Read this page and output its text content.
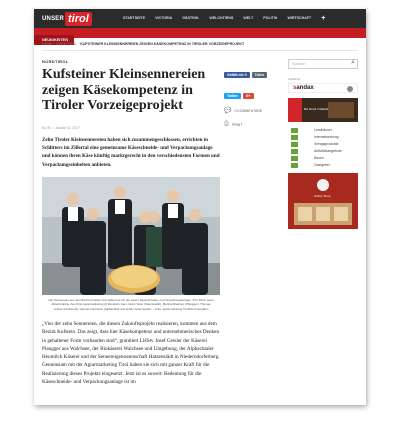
UNSER tirol	STARTSEITE	VICTORIA	GÄSTEHL	WELCHTIRNS	WELT	POLITIK	WIRTSCHAFT	+
NEUIGKEITEN	»Olympia- Teilnehmer	Protestbrief: Italienische Kindergartenkinder besetzten	Tirolerin
HOME › NORDTIROL › KUFSTEINER KLEINSENNEREIEN ZEIGEN KÄSEKOMPETENZ IN TIROLER VORZEIGEPROJEKT
NORDTIROL
Kufsteiner Kleinsennereien zeigen Käsekompetenz in Tiroler Vorzeigeprojekt
By IN  •  Januar 12, 2017

Zehn Tiroler Kleinsennereien haben sich zusammengeschlossen, errichten in Schlitters im Zillertal eine gemeinsame Käseschneide- und Verpackungsanlage und können ihren Käse künftig marktgerecht in den verschiedensten Formen und Verpackungseinheiten anbieten.

Vier Sennereien aus dem Bezirk Kufstein sind dabei und mit der neuen Käseschneide- und Verpackungsanlage „Tirol Pack“ wenn Absatzmärkte. Aus Kirst Agrarmarketing (d) Wendelin Juen, Heinz Seier (Stauriesalkt), Martina Bradmer (Plangger), Thomas Lettner (Holzkunst), Hannes Hartmann (Alpbachtal) und LHStv Josef Geisler. – Foto: Agrarmarketing Tirol/Die Fotografen

„Vier der zehn Sennereien, die diesen Zukunftsprojekt realisieren, kommen aus dem Bezirk Kufstein. Das zeigt, dass hier Käsekompetenz und unternehmerisches Denken in gehaltener Form vorhanden sind“, gratuliert LHStv Josef Geisler der Käserei Plangger aus Walchsee, der Biokäserei Walchsee und Umgebung, der Alpbachtaler Heumilch Käserei und der Sennereigenossenschaft Hatzenstädt in Niederndorferberg. Gemeinsam mit der Agrarmarketing Tirol haben sie sich mit ganzer Kraft für die Realisierung dieses Projekts eingesetzt. Jetzt ist es soweit: Bedeutung für die Käseschneide- und Verpackungsanlage ist im

Gefällt mir 0 Teilen
Twitter G+
💬 0 KOMMENTARE
⎙ PRINT
Suchen	⌕
ANZEIGE
sandax
Bis Rund 3 Rabatt
Landhäuser
Internetwerbung
Verlagsprodukte
Aktivitätsangebote
Bauen
Gastgeber
Online Shop
